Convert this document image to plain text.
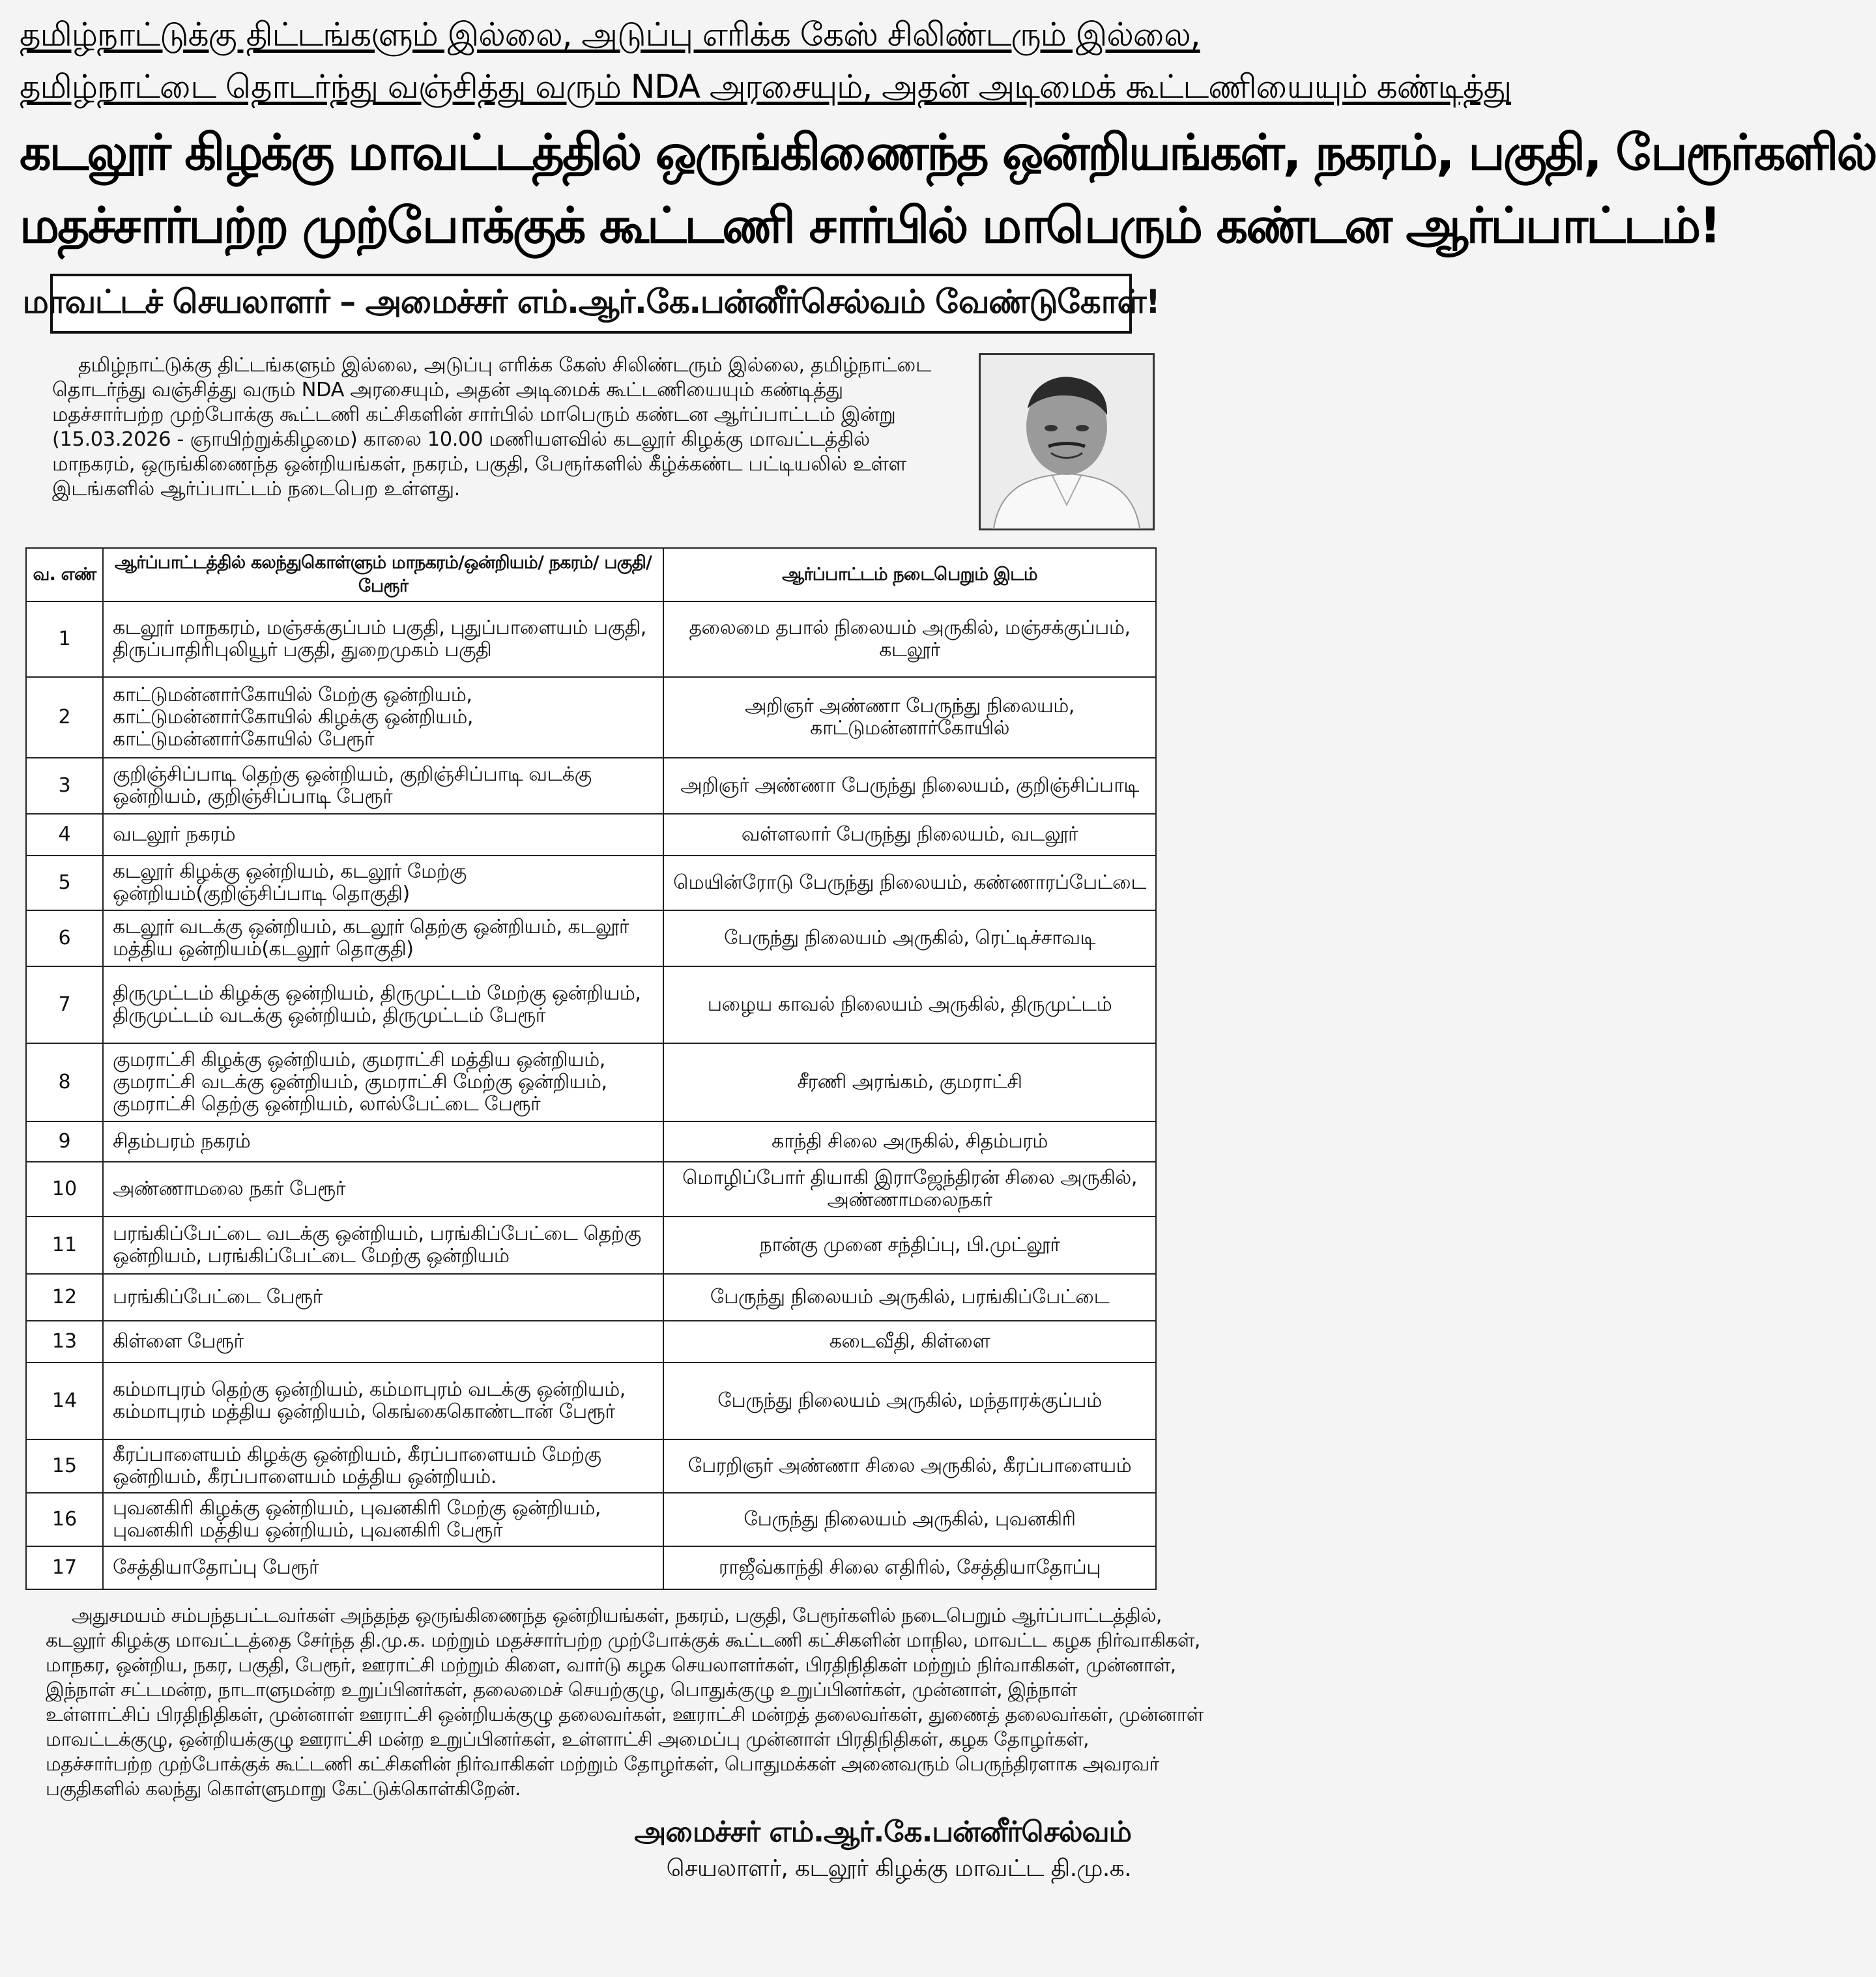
தமிழ்நாட்டுக்கு திட்டங்களும் இல்லை, அடுப்பு எரிக்க கேஸ் சிலிண்டரும் இல்லை,
தமிழ்நாட்டை தொடர்ந்து வஞ்சித்து வரும் NDA அரசையும், அதன் அடிமைக் கூட்டணியையும் கண்டித்து
கடலூர் கிழக்கு மாவட்டத்தில் ஒருங்கிணைந்த ஒன்றியங்கள், நகரம், பகுதி, பேரூர்களில்
மதச்சார்பற்ற முற்போக்குக் கூட்டணி சார்பில் மாபெரும் கண்டன ஆர்ப்பாட்டம்!
மாவட்டச் செயலாளர் – அமைச்சர் எம்.ஆர்.கே.பன்னீர்செல்வம் வேண்டுகோள்!
தமிழ்நாட்டுக்கு திட்டங்களும் இல்லை, அடுப்பு எரிக்க கேஸ் சிலிண்டரும் இல்லை, தமிழ்நாட்டை
தொடர்ந்து வஞ்சித்து வரும் NDA அரசையும், அதன் அடிமைக் கூட்டணியையும் கண்டித்து
மதச்சார்பற்ற முற்போக்கு கூட்டணி கட்சிகளின் சார்பில் மாபெரும் கண்டன ஆர்ப்பாட்டம் இன்று
(15.03.2026 - ஞாயிற்றுக்கிழமை) காலை 10.00 மணியளவில் கடலூர் கிழக்கு மாவட்டத்தில்
மாநகரம், ஒருங்கிணைந்த ஒன்றியங்கள், நகரம், பகுதி, பேரூர்களில் கீழ்க்கண்ட பட்டியலில் உள்ள
இடங்களில் ஆர்ப்பாட்டம் நடைபெற உள்ளது.
வ. எண்	ஆர்ப்பாட்டத்தில் கலந்துகொள்ளும் மாநகரம்/ஒன்றியம்/ நகரம்/ பகுதி/ பேரூர்	ஆர்ப்பாட்டம் நடைபெறும் இடம்
1	கடலூர் மாநகரம், மஞ்சக்குப்பம் பகுதி, புதுப்பாளையம் பகுதி, திருப்பாதிரிபுலியூர் பகுதி, துறைமுகம் பகுதி	தலைமை தபால் நிலையம் அருகில், மஞ்சக்குப்பம், கடலூர்
2	காட்டுமன்னார்கோயில் மேற்கு ஒன்றியம், காட்டுமன்னார்கோயில் கிழக்கு ஒன்றியம், காட்டுமன்னார்கோயில் பேரூர்	அறிஞர் அண்ணா பேருந்து நிலையம், காட்டுமன்னார்கோயில்
3	குறிஞ்சிப்பாடி தெற்கு ஒன்றியம், குறிஞ்சிப்பாடி வடக்கு ஒன்றியம், குறிஞ்சிப்பாடி பேரூர்	அறிஞர் அண்ணா பேருந்து நிலையம், குறிஞ்சிப்பாடி
4	வடலூர் நகரம்	வள்ளலார் பேருந்து நிலையம், வடலூர்
5	கடலூர் கிழக்கு ஒன்றியம், கடலூர் மேற்கு ஒன்றியம்(குறிஞ்சிப்பாடி தொகுதி)	மெயின்ரோடு பேருந்து நிலையம், கண்ணாரப்பேட்டை
6	கடலூர் வடக்கு ஒன்றியம், கடலூர் தெற்கு ஒன்றியம், கடலூர் மத்திய ஒன்றியம்(கடலூர் தொகுதி)	பேருந்து நிலையம் அருகில், ரெட்டிச்சாவடி
7	திருமுட்டம் கிழக்கு ஒன்றியம், திருமுட்டம் மேற்கு ஒன்றியம், திருமுட்டம் வடக்கு ஒன்றியம், திருமுட்டம் பேரூர்	பழைய காவல் நிலையம் அருகில், திருமுட்டம்
8	குமராட்சி கிழக்கு ஒன்றியம், குமராட்சி மத்திய ஒன்றியம், குமராட்சி வடக்கு ஒன்றியம், குமராட்சி மேற்கு ஒன்றியம், குமராட்சி தெற்கு ஒன்றியம், லால்பேட்டை பேரூர்	சீரணி அரங்கம், குமராட்சி
9	சிதம்பரம் நகரம்	காந்தி சிலை அருகில், சிதம்பரம்
10	அண்ணாமலை நகர் பேரூர்	மொழிப்போர் தியாகி இராஜேந்திரன் சிலை அருகில், அண்ணாமலைநகர்
11	பரங்கிப்பேட்டை வடக்கு ஒன்றியம், பரங்கிப்பேட்டை தெற்கு ஒன்றியம், பரங்கிப்பேட்டை மேற்கு ஒன்றியம்	நான்கு முனை சந்திப்பு, பி.முட்லூர்
12	பரங்கிப்பேட்டை பேரூர்	பேருந்து நிலையம் அருகில், பரங்கிப்பேட்டை
13	கிள்ளை பேரூர்	கடைவீதி, கிள்ளை
14	கம்மாபுரம் தெற்கு ஒன்றியம், கம்மாபுரம் வடக்கு ஒன்றியம், கம்மாபுரம் மத்திய ஒன்றியம், கெங்கைகொண்டான் பேரூர்	பேருந்து நிலையம் அருகில், மந்தாரக்குப்பம்
15	கீரப்பாளையம் கிழக்கு ஒன்றியம், கீரப்பாளையம் மேற்கு ஒன்றியம், கீரப்பாளையம் மத்திய ஒன்றியம்.	பேரறிஞர் அண்ணா சிலை அருகில், கீரப்பாளையம்
16	புவனகிரி கிழக்கு ஒன்றியம், புவனகிரி மேற்கு ஒன்றியம், புவனகிரி மத்திய ஒன்றியம், புவனகிரி பேரூர்	பேருந்து நிலையம் அருகில், புவனகிரி
17	சேத்தியாதோப்பு பேரூர்	ராஜீவ்காந்தி சிலை எதிரில், சேத்தியாதோப்பு
அதுசமயம் சம்பந்தபட்டவர்கள் அந்தந்த ஒருங்கிணைந்த ஒன்றியங்கள், நகரம், பகுதி, பேரூர்களில் நடைபெறும் ஆர்ப்பாட்டத்தில்,
கடலூர் கிழக்கு மாவட்டத்தை சேர்ந்த தி.மு.க. மற்றும் மதச்சார்பற்ற முற்போக்குக் கூட்டணி கட்சிகளின் மாநில, மாவட்ட கழக நிர்வாகிகள்,
மாநகர, ஒன்றிய, நகர, பகுதி, பேரூர், ஊராட்சி மற்றும் கிளை, வார்டு கழக செயலாளர்கள், பிரதிநிதிகள் மற்றும் நிர்வாகிகள், முன்னாள்,
இந்நாள் சட்டமன்ற, நாடாளுமன்ற உறுப்பினர்கள், தலைமைச் செயற்குழு, பொதுக்குழு உறுப்பினர்கள், முன்னாள், இந்நாள்
உள்ளாட்சிப் பிரதிநிதிகள், முன்னாள் ஊராட்சி ஒன்றியக்குழு தலைவர்கள், ஊராட்சி மன்றத் தலைவர்கள், துணைத் தலைவர்கள், முன்னாள்
மாவட்டக்குழு, ஒன்றியக்குழு ஊராட்சி மன்ற உறுப்பினர்கள், உள்ளாட்சி அமைப்பு முன்னாள் பிரதிநிதிகள், கழக தோழர்கள்,
மதச்சார்பற்ற முற்போக்குக் கூட்டணி கட்சிகளின் நிர்வாகிகள் மற்றும் தோழர்கள், பொதுமக்கள் அனைவரும் பெருந்திரளாக அவரவர்
பகுதிகளில் கலந்து கொள்ளுமாறு கேட்டுக்கொள்கிறேன்.
அமைச்சர் எம்.ஆர்.கே.பன்னீர்செல்வம்
செயலாளர், கடலூர் கிழக்கு மாவட்ட தி.மு.க.
